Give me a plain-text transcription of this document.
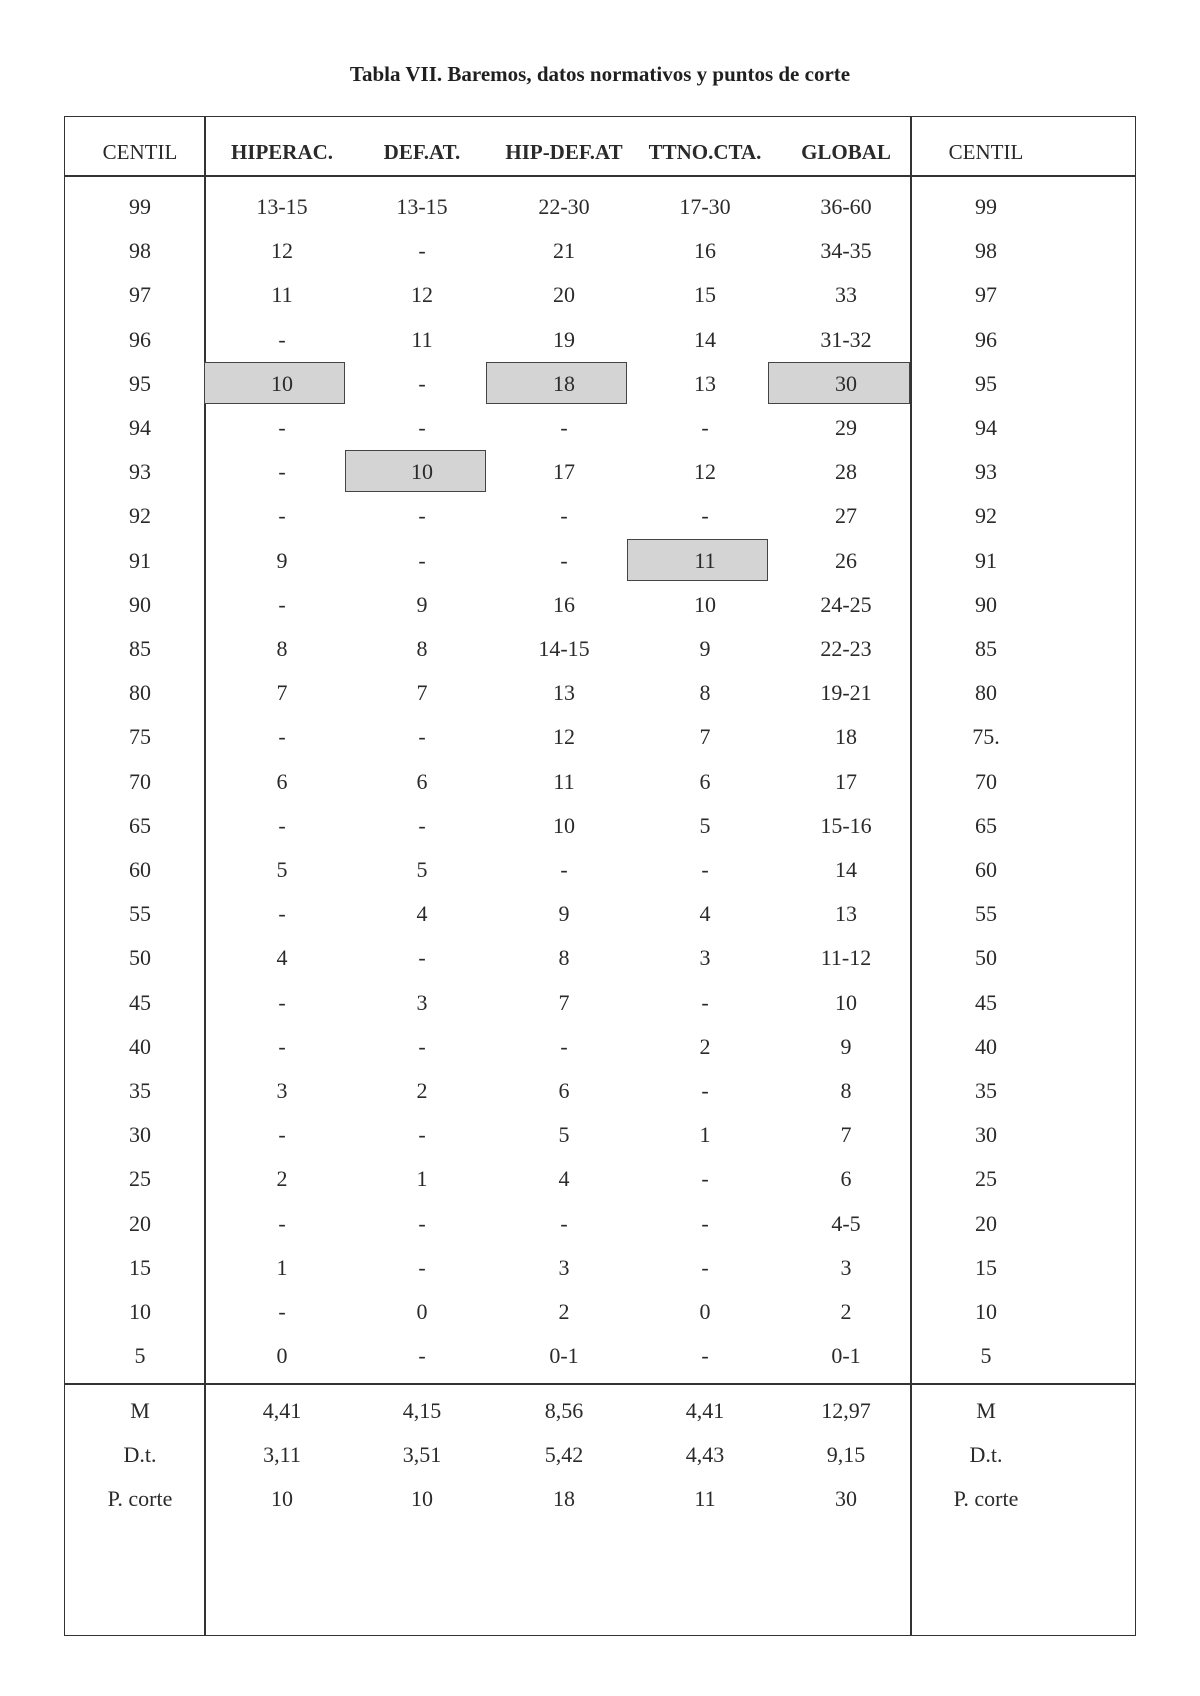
Tabla VII. Baremos, datos normativos y puntos de corte
CENTIL	HIPERAC.	DEF.AT.	HIP-DEF.AT	TTNO.CTA.	GLOBAL	CENTIL
99	13-15	13-15	22-30	17-30	36-60	99
98	12	-	21	16	34-35	98
97	11	12	20	15	33	97
96	-	11	19	14	31-32	96
95	10	-	18	13	30	95
94	-	-	-	-	29	94
93	-	10	17	12	28	93
92	-	-	-	-	27	92
91	9	-	-	11	26	91
90	-	9	16	10	24-25	90
85	8	8	14-15	9	22-23	85
80	7	7	13	8	19-21	80
75	-	-	12	7	18	75.
70	6	6	11	6	17	70
65	-	-	10	5	15-16	65
60	5	5	-	-	14	60
55	-	4	9	4	13	55
50	4	-	8	3	11-12	50
45	-	3	7	-	10	45
40	-	-	-	2	9	40
35	3	2	6	-	8	35
30	-	-	5	1	7	30
25	2	1	4	-	6	25
20	-	-	-	-	4-5	20
15	1	-	3	-	3	15
10	-	0	2	0	2	10
5	0	-	0-1	-	0-1	5
M	4,41	4,15	8,56	4,41	12,97	M
D.t.	3,11	3,51	5,42	4,43	9,15	D.t.
P. corte	10	10	18	11	30	P. corte
